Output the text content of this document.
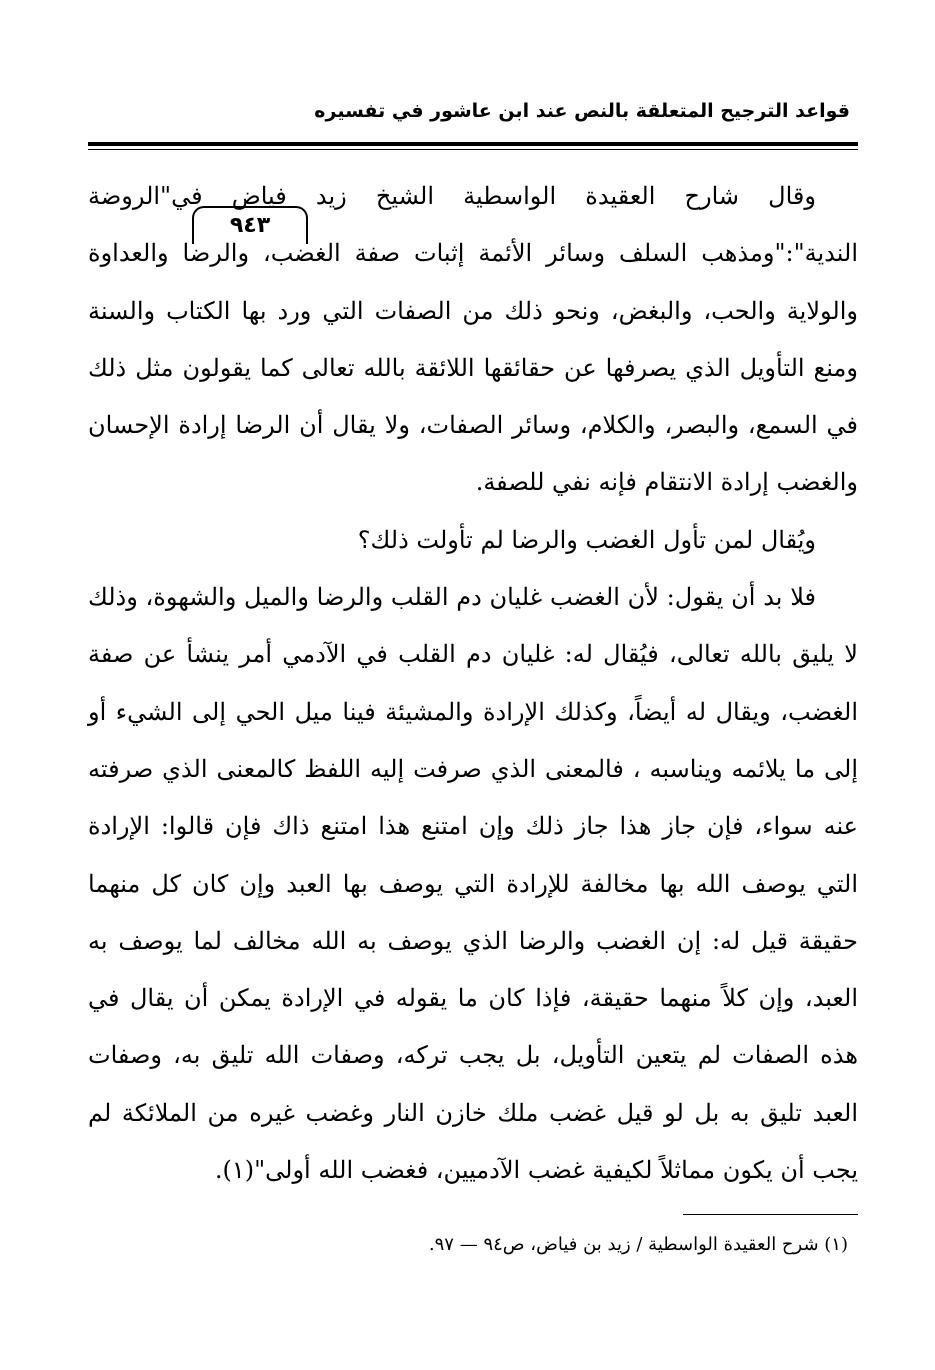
٩٤٣
قواعد الترجيح المتعلقة بالنص عند ابن عاشور في تفسيره

وقال شارح العقيدة الواسطية الشيخ زيد فياض في"الروضة الندية":"ومذهب السلف وسائر الأئمة إثبات صفة الغضب، والرضا والعداوة والولاية والحب، والبغض، ونحو ذلك من الصفات التي ورد بها الكتاب والسنة ومنع التأويل الذي يصرفها عن حقائقها اللائقة بالله تعالى كما يقولون مثل ذلك في السمع، والبصر، والكلام، وسائر الصفات، ولا يقال أن الرضا إرادة الإحسان والغضب إرادة الانتقام فإنه نفي للصفة.

ويُقال لمن تأول الغضب والرضا لم تأولت ذلك؟

فلا بد أن يقول: لأن الغضب غليان دم القلب والرضا والميل والشهوة، وذلك لا يليق بالله تعالى، فيُقال له: غليان دم القلب في الآدمي أمر ينشأ عن صفة الغضب، ويقال له أيضاً، وكذلك الإرادة والمشيئة فينا ميل الحي إلى الشيء أو إلى ما يلائمه ويناسبه ، فالمعنى الذي صرفت إليه اللفظ كالمعنى الذي صرفته عنه سواء، فإن جاز هذا جاز ذلك وإن امتنع هذا امتنع ذاك فإن قالوا: الإرادة التي يوصف الله بها مخالفة للإرادة التي يوصف بها العبد وإن كان كل منهما حقيقة قيل له: إن الغضب والرضا الذي يوصف به الله مخالف لما يوصف به العبد، وإن كلاً منهما حقيقة، فإذا كان ما يقوله في الإرادة يمكن أن يقال في هذه الصفات لم يتعين التأويل، بل يجب تركه، وصفات الله تليق به، وصفات العبد تليق به بل لو قيل غضب ملك خازن النار وغضب غيره من الملائكة لم يجب أن يكون مماثلاً لكيفية غضب الآدميين، فغضب الله أولى"(١).

(١) شرح العقيدة الواسطية / زيد بن فياض، ص٩٤ — ٩٧.
